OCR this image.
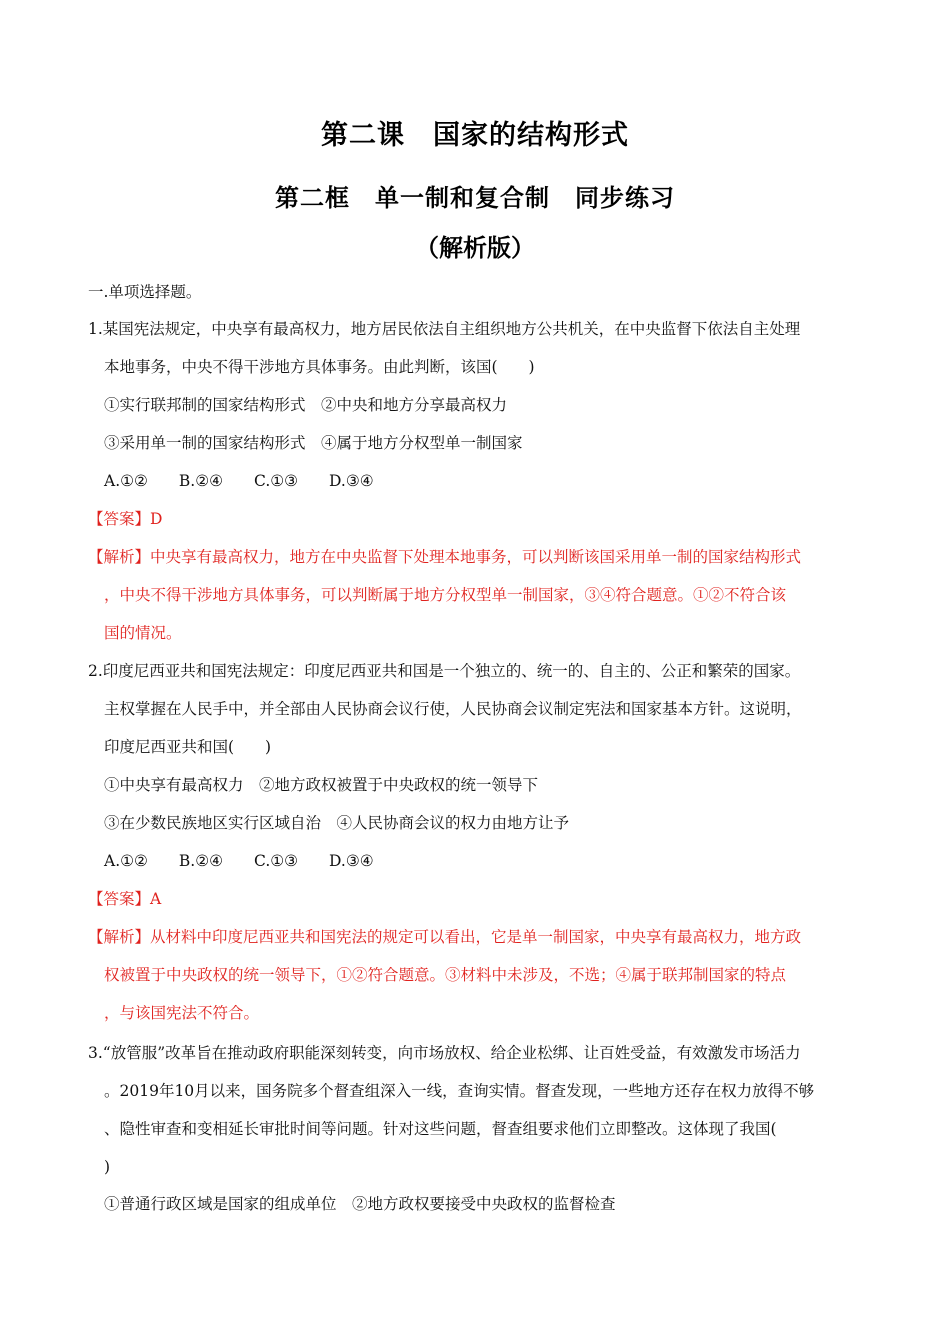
第二课　国家的结构形式
第二框　单一制和复合制　同步练习
（解析版）
一.单项选择题。
1.某国宪法规定，中央享有最高权力，地方居民依法自主组织地方公共机关，在中央监督下依法自主处理
本地事务，中央不得干涉地方具体事务。由此判断，该国(　　)
①实行联邦制的国家结构形式　②中央和地方分享最高权力
③采用单一制的国家结构形式　④属于地方分权型单一制国家
A.①②　　B.②④　　C.①③　　D.③④
【答案】D
【解析】中央享有最高权力，地方在中央监督下处理本地事务，可以判断该国采用单一制的国家结构形式
，中央不得干涉地方具体事务，可以判断属于地方分权型单一制国家，③④符合题意。①②不符合该
国的情况。
2.印度尼西亚共和国宪法规定：印度尼西亚共和国是一个独立的、统一的、自主的、公正和繁荣的国家。
主权掌握在人民手中，并全部由人民协商会议行使，人民协商会议制定宪法和国家基本方针。这说明，
印度尼西亚共和国(　　)
①中央享有最高权力　②地方政权被置于中央政权的统一领导下
③在少数民族地区实行区域自治　④人民协商会议的权力由地方让予
A.①②　　B.②④　　C.①③　　D.③④
【答案】A
【解析】从材料中印度尼西亚共和国宪法的规定可以看出，它是单一制国家，中央享有最高权力，地方政
权被置于中央政权的统一领导下，①②符合题意。③材料中未涉及，不选；④属于联邦制国家的特点
，与该国宪法不符合。
3.“放管服”改革旨在推动政府职能深刻转变，向市场放权、给企业松绑、让百姓受益，有效激发市场活力
。2019年10月以来，国务院多个督查组深入一线，查询实情。督查发现，一些地方还存在权力放得不够
、隐性审查和变相延长审批时间等问题。针对这些问题，督查组要求他们立即整改。这体现了我国(
)
①普通行政区域是国家的组成单位　②地方政权要接受中央政权的监督检查
